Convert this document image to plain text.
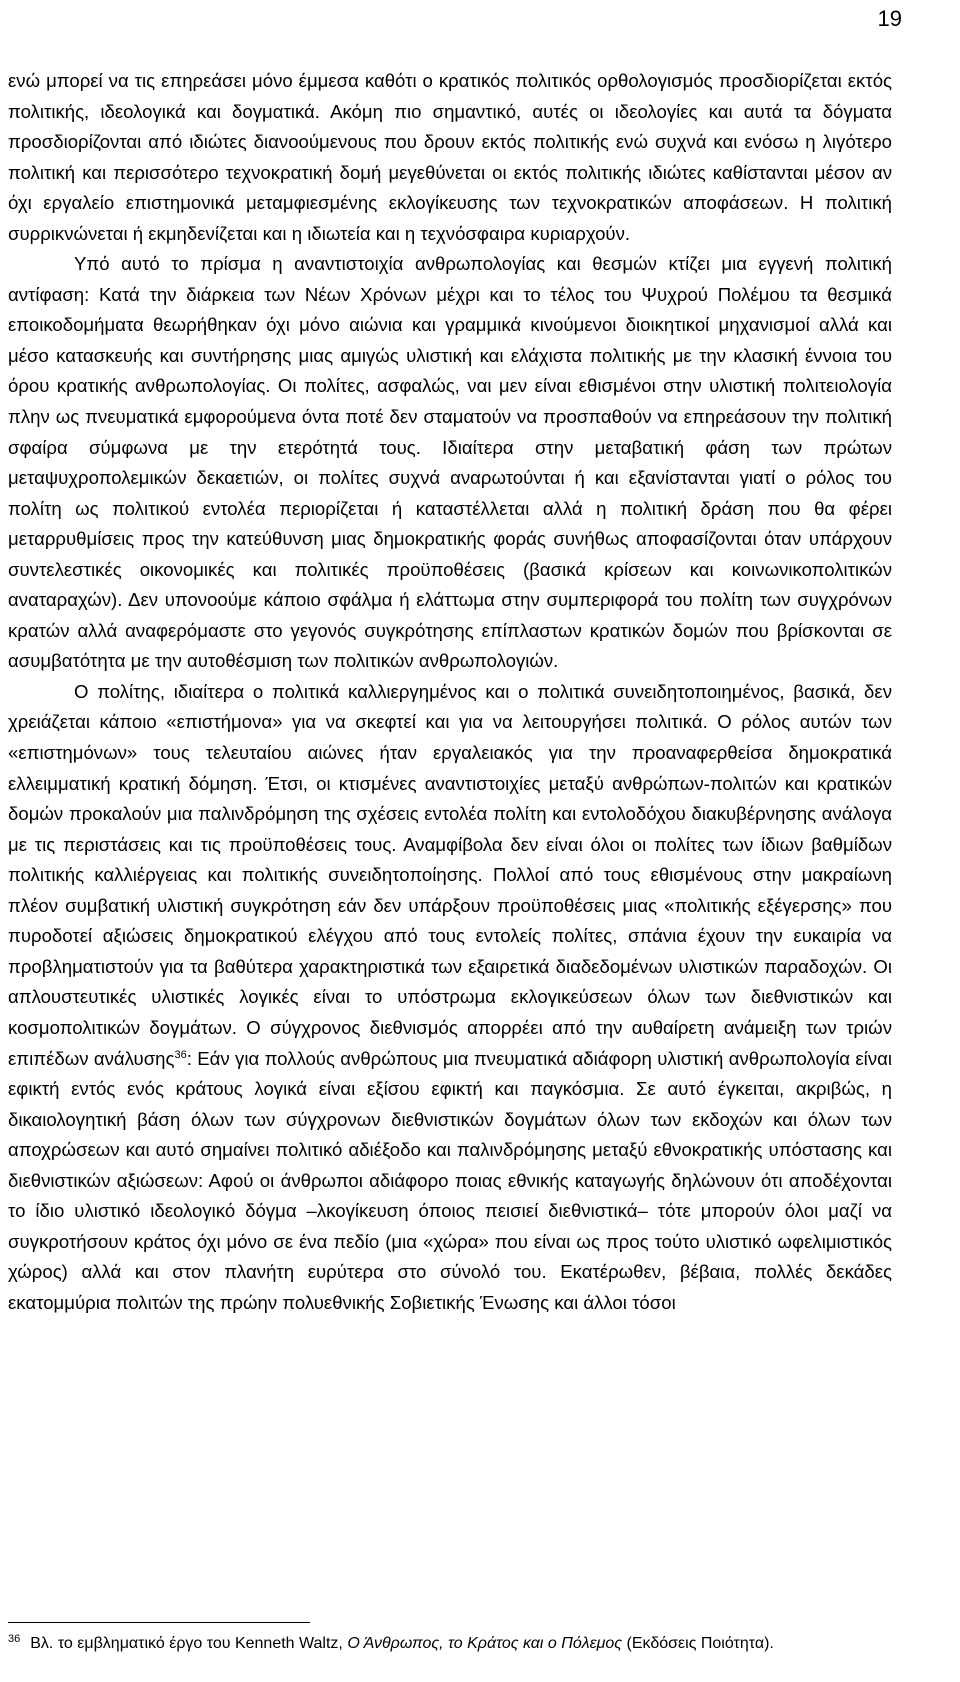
19

ενώ μπορεί να τις επηρεάσει μόνο έμμεσα καθότι ο κρατικός πολιτικός ορθολογισμός προσδιορίζεται εκτός πολιτικής, ιδεολογικά και δογματικά. Ακόμη πιο σημαντικό, αυτές οι ιδεολογίες και αυτά τα δόγματα προσδιορίζονται από ιδιώτες διανοούμενους που δρουν εκτός πολιτικής ενώ συχνά και ενόσω η λιγότερο πολιτική και περισσότερο τεχνοκρατική δομή μεγεθύνεται οι εκτός πολιτικής ιδιώτες καθίστανται μέσον αν όχι εργαλείο επιστημονικά μεταμφιεσμένης εκλογίκευσης των τεχνοκρατικών αποφάσεων. Η πολιτική συρρικνώνεται ή εκμηδενίζεται και η ιδιωτεία και η τεχνόσφαιρα κυριαρχούν.

Υπό αυτό το πρίσμα η αναντιστοιχία ανθρωπολογίας και θεσμών κτίζει μια εγγενή πολιτική αντίφαση: Κατά την διάρκεια των Νέων Χρόνων μέχρι και το τέλος του Ψυχρού Πολέμου τα θεσμικά εποικοδομήματα θεωρήθηκαν όχι μόνο αιώνια και γραμμικά κινούμενοι διοικητικοί μηχανισμοί αλλά και μέσο κατασκευής και συντήρησης μιας αμιγώς υλιστική και ελάχιστα πολιτικής με την κλασική έννοια του όρου κρατικής ανθρωπολογίας. Οι πολίτες, ασφαλώς, ναι μεν είναι εθισμένοι στην υλιστική πολιτειολογία πλην ως πνευματικά εμφορούμενα όντα ποτέ δεν σταματούν να προσπαθούν να επηρεάσουν την πολιτική σφαίρα σύμφωνα με την ετερότητά τους. Ιδιαίτερα στην μεταβατική φάση των πρώτων μεταψυχροπολεμικών δεκαετιών, οι πολίτες συχνά αναρωτούνται ή και εξανίστανται γιατί ο ρόλος του πολίτη ως πολιτικού εντολέα περιορίζεται ή καταστέλλεται αλλά η πολιτική δράση που θα φέρει μεταρρυθμίσεις προς την κατεύθυνση μιας δημοκρατικής φοράς συνήθως αποφασίζονται όταν υπάρχουν συντελεστικές οικονομικές και πολιτικές προϋποθέσεις (βασικά κρίσεων και κοινωνικοπολιτικών αναταραχών). Δεν υπονοούμε κάποιο σφάλμα ή ελάττωμα στην συμπεριφορά του πολίτη των συγχρόνων κρατών αλλά αναφερόμαστε στο γεγονός συγκρότησης επίπλαστων κρατικών δομών που βρίσκονται σε ασυμβατότητα με την αυτοθέσμιση των πολιτικών ανθρωπολογιών.

Ο πολίτης, ιδιαίτερα ο πολιτικά καλλιεργημένος και ο πολιτικά συνειδητοποιημένος, βασικά, δεν χρειάζεται κάποιο «επιστήμονα» για να σκεφτεί και για να λειτουργήσει πολιτικά. Ο ρόλος αυτών των «επιστημόνων» τους τελευταίου αιώνες ήταν εργαλειακός για την προαναφερθείσα δημοκρατικά ελλειμματική κρατική δόμηση. Έτσι, οι κτισμένες αναντιστοιχίες μεταξύ ανθρώπων-πολιτών και κρατικών δομών προκαλούν μια παλινδρόμηση της σχέσεις εντολέα πολίτη και εντολοδόχου διακυβέρνησης ανάλογα με τις περιστάσεις και τις προϋποθέσεις τους. Αναμφίβολα δεν είναι όλοι οι πολίτες των ίδιων βαθμίδων πολιτικής καλλιέργειας και πολιτικής συνειδητοποίησης. Πολλοί από τους εθισμένους στην μακραίωνη πλέον συμβατική υλιστική συγκρότηση εάν δεν υπάρξουν προϋποθέσεις μιας «πολιτικής εξέγερσης» που πυροδοτεί αξιώσεις δημοκρατικού ελέγχου από τους εντολείς πολίτες, σπάνια έχουν την ευκαιρία να προβληματιστούν για τα βαθύτερα χαρακτηριστικά των εξαιρετικά διαδεδομένων υλιστικών παραδοχών. Οι απλουστευτικές υλιστικές λογικές είναι το υπόστρωμα εκλογικεύσεων όλων των διεθνιστικών και κοσμοπολιτικών δογμάτων. Ο σύγχρονος διεθνισμός απορρέει από την αυθαίρετη ανάμειξη των τριών επιπέδων ανάλυσης$^{36}$: Εάν για πολλούς ανθρώπους μια πνευματικά αδιάφορη υλιστική ανθρωπολογία είναι εφικτή εντός ενός κράτους λογικά είναι εξίσου εφικτή και παγκόσμια. Σε αυτό έγκειται, ακριβώς, η δικαιολογητική βάση όλων των σύγχρονων διεθνιστικών δογμάτων όλων των εκδοχών και όλων των αποχρώσεων και αυτό σημαίνει πολιτικό αδιέξοδο και παλινδρόμησης μεταξύ εθνοκρατικής υπόστασης και διεθνιστικών αξιώσεων: Αφού οι άνθρωποι αδιάφορο ποιας εθνικής καταγωγής δηλώνουν ότι αποδέχονται το ίδιο υλιστικό ιδεολογικό δόγμα –λκογίκευση όποιος πεισιεί διεθνιστικά– τότε μπορούν όλοι μαζί να συγκροτήσουν κράτος όχι μόνο σε ένα πεδίο (μια «χώρα» που είναι ως προς τούτο υλιστικό ωφελιμιστικός χώρος) αλλά και στον πλανήτη ευρύτερα στο σύνολό του. Εκατέρωθεν, βέβαια, πολλές δεκάδες εκατομμύρια πολιτών της πρώην πολυεθνικής Σοβιετικής Ένωσης και άλλοι τόσοι

$^{36}$ Βλ. το εμβληματικό έργο του Kenneth Waltz, Ο Άνθρωπος, το Κράτος και ο Πόλεμος (Εκδόσεις Ποιότητα).
